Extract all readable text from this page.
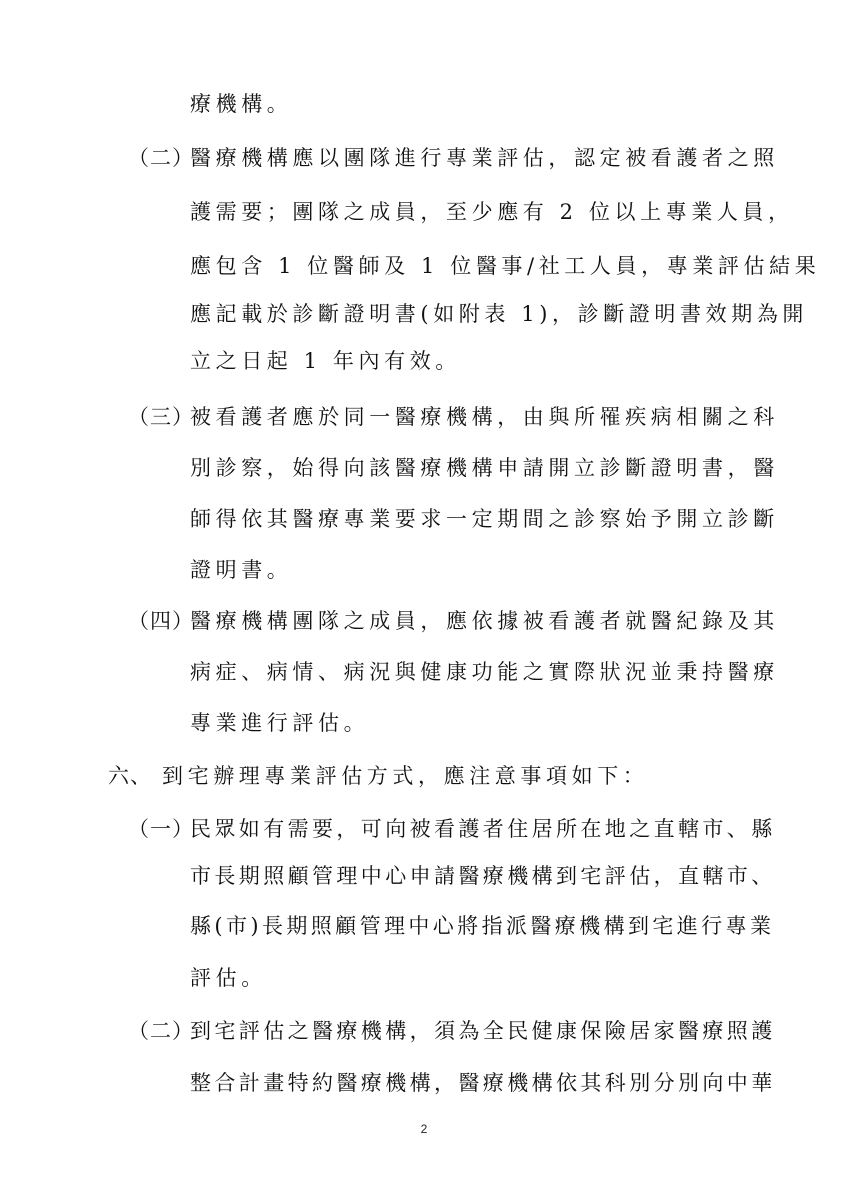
療機構。
（二）
醫療機構應以團隊進行專業評估，認定被看護者之照
護需要；團隊之成員，至少應有 2 位以上專業人員，
應包含 1 位醫師及 1 位醫事/社工人員，專業評估結果
應記載於診斷證明書(如附表 1)，診斷證明書效期為開
立之日起 1 年內有效。
（三）
被看護者應於同一醫療機構，由與所罹疾病相關之科
別診察，始得向該醫療機構申請開立診斷證明書，醫
師得依其醫療專業要求一定期間之診察始予開立診斷
證明書。
（四）
醫療機構團隊之成員，應依據被看護者就醫紀錄及其
病症、病情、病況與健康功能之實際狀況並秉持醫療
專業進行評估。
六、 到宅辦理專業評估方式，應注意事項如下：
（一）
民眾如有需要，可向被看護者住居所在地之直轄市、縣
市長期照顧管理中心申請醫療機構到宅評估，直轄市、
縣(市)長期照顧管理中心將指派醫療機構到宅進行專業
評估。
（二）
到宅評估之醫療機構，須為全民健康保險居家醫療照護
整合計畫特約醫療機構，醫療機構依其科別分別向中華
2
